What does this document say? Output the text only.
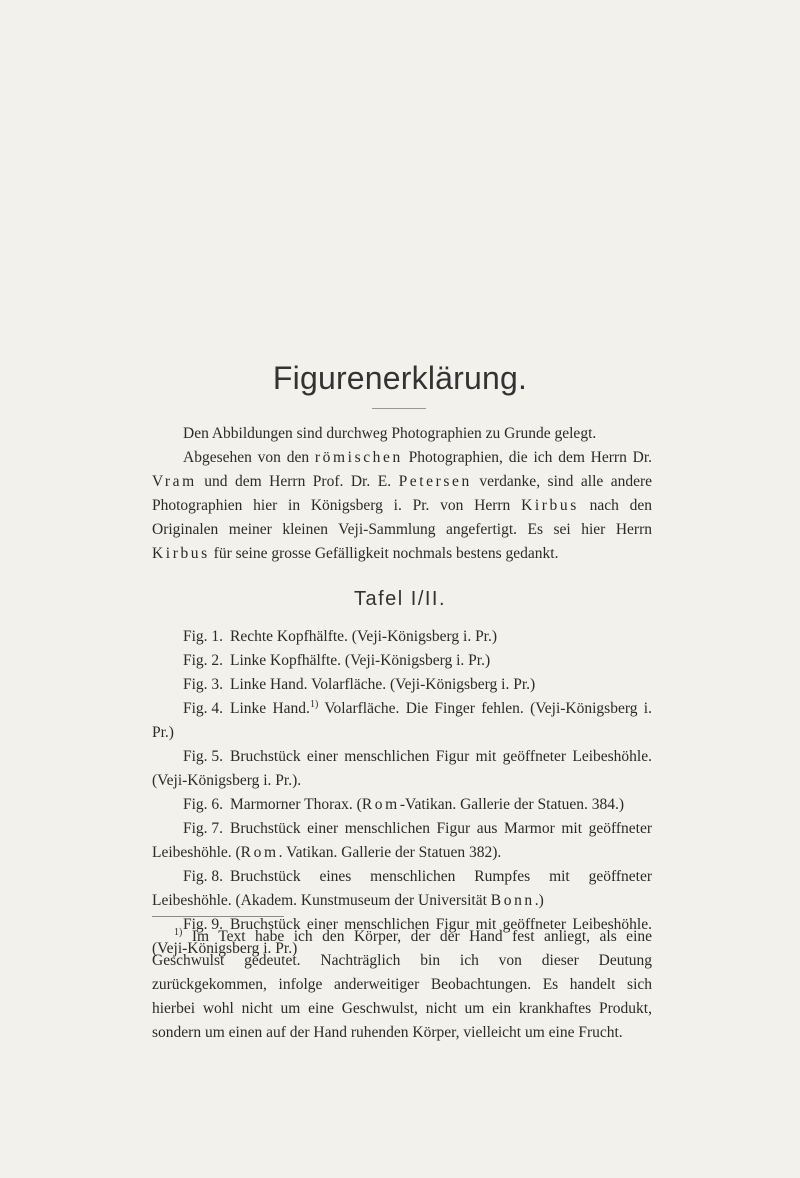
Figurenerklärung.

Den Abbildungen sind durchweg Photographien zu Grunde gelegt.

Abgesehen von den römischen Photographien, die ich dem Herrn Dr. Vram und dem Herrn Prof. Dr. E. Petersen verdanke, sind alle andere Photographien hier in Königsberg i. Pr. von Herrn Kirbus nach den Originalen meiner kleinen Veji-Sammlung angefertigt. Es sei hier Herrn Kirbus für seine grosse Gefälligkeit nochmals bestens gedankt.

Tafel I/II.

Fig. 1. Rechte Kopfhälfte. (Veji-Königsberg i. Pr.)

Fig. 2. Linke Kopfhälfte. (Veji-Königsberg i. Pr.)

Fig. 3. Linke Hand. Volarfläche. (Veji-Königsberg i. Pr.)

Fig. 4. Linke Hand.$^{1)}$ Volarfläche. Die Finger fehlen. (Veji-Königsberg i. Pr.)

Fig. 5. Bruchstück einer menschlichen Figur mit geöffneter Leibeshöhle. (Veji-Königsberg i. Pr.).

Fig. 6. Marmorner Thorax. (Rom-Vatikan. Gallerie der Statuen. 384.)

Fig. 7. Bruchstück einer menschlichen Figur aus Marmor mit geöffneter Leibeshöhle. (Rom. Vatikan. Gallerie der Statuen 382).

Fig. 8. Bruchstück eines menschlichen Rumpfes mit geöffneter Leibeshöhle. (Akadem. Kunstmuseum der Universität Bonn.)

Fig. 9. Bruchstück einer menschlichen Figur mit geöffneter Leibeshöhle. (Veji-Königsberg i. Pr.)

$^{1)}$ Im Text habe ich den Körper, der der Hand fest anliegt, als eine Geschwulst gedeutet. Nachträglich bin ich von dieser Deutung zurückgekommen, infolge anderweitiger Beobachtungen. Es handelt sich hierbei wohl nicht um eine Geschwulst, nicht um ein krankhaftes Produkt, sondern um einen auf der Hand ruhenden Körper, vielleicht um eine Frucht.
